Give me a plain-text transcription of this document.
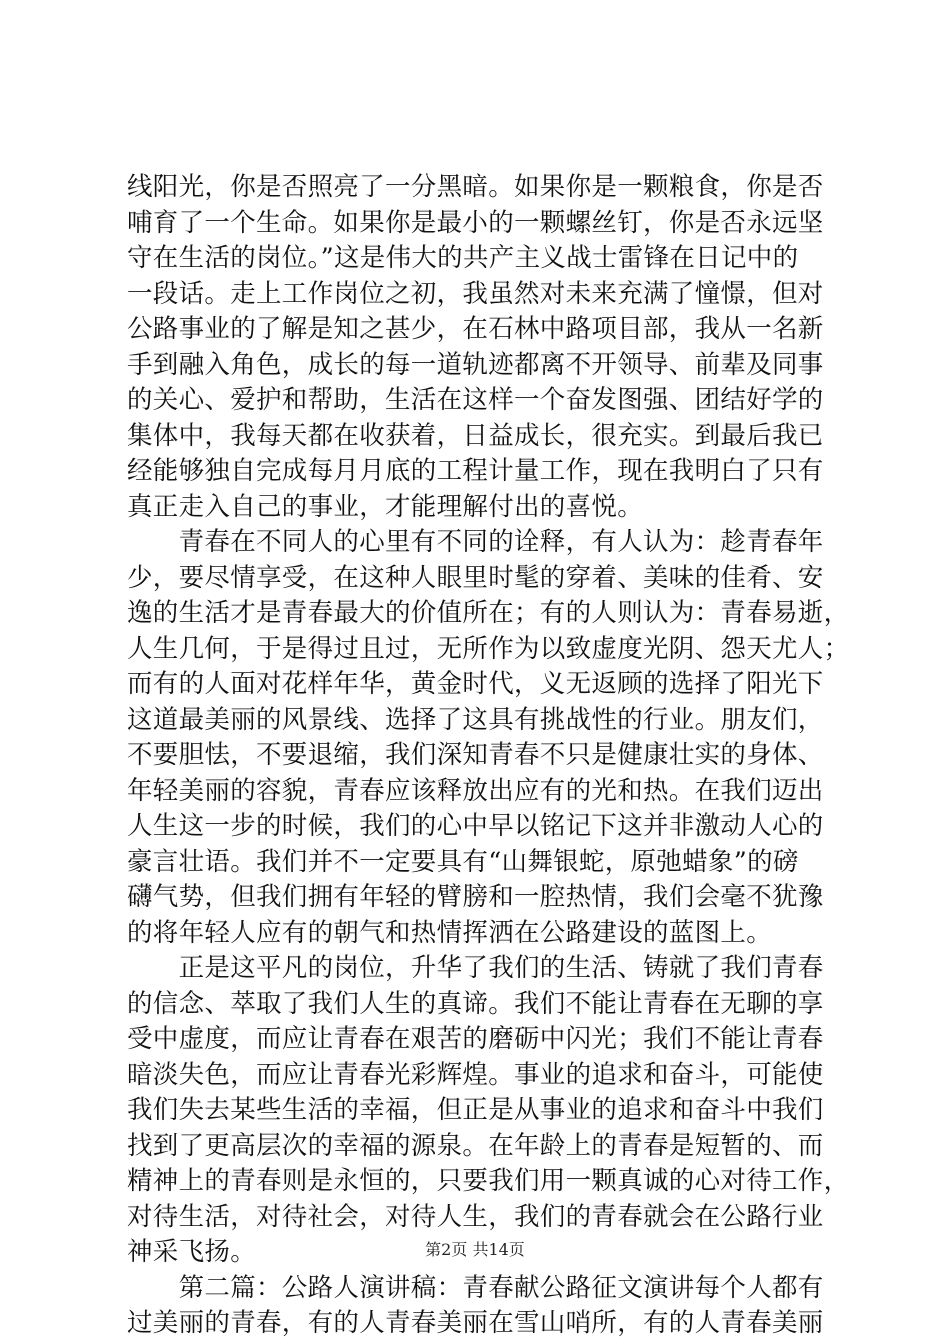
线阳光，你是否照亮了一分黑暗。如果你是一颗粮食，你是否
哺育了一个生命。如果你是最小的一颗螺丝钉，你是否永远坚
守在生活的岗位。”这是伟大的共产主义战士雷锋在日记中的
一段话。走上工作岗位之初，我虽然对未来充满了憧憬，但对
公路事业的了解是知之甚少，在石林中路项目部，我从一名新
手到融入角色，成长的每一道轨迹都离不开领导、前辈及同事
的关心、爱护和帮助，生活在这样一个奋发图强、团结好学的
集体中，我每天都在收获着，日益成长，很充实。到最后我已
经能够独自完成每月月底的工程计量工作，现在我明白了只有
真正走入自己的事业，才能理解付出的喜悦。
　　青春在不同人的心里有不同的诠释，有人认为：趁青春年
少，要尽情享受，在这种人眼里时髦的穿着、美味的佳肴、安
逸的生活才是青春最大的价值所在；有的人则认为：青春易逝，
人生几何，于是得过且过，无所作为以致虚度光阴、怨天尤人；
而有的人面对花样年华，黄金时代，义无返顾的选择了阳光下
这道最美丽的风景线、选择了这具有挑战性的行业。朋友们，
不要胆怯，不要退缩，我们深知青春不只是健康壮实的身体、
年轻美丽的容貌，青春应该释放出应有的光和热。在我们迈出
人生这一步的时候，我们的心中早以铭记下这并非激动人心的
豪言壮语。我们并不一定要具有“山舞银蛇，原弛蜡象”的磅
礴气势，但我们拥有年轻的臂膀和一腔热情，我们会毫不犹豫
的将年轻人应有的朝气和热情挥洒在公路建设的蓝图上。
　　正是这平凡的岗位，升华了我们的生活、铸就了我们青春
的信念、萃取了我们人生的真谛。我们不能让青春在无聊的享
受中虚度，而应让青春在艰苦的磨砺中闪光；我们不能让青春
暗淡失色，而应让青春光彩辉煌。事业的追求和奋斗，可能使
我们失去某些生活的幸福，但正是从事业的追求和奋斗中我们
找到了更高层次的幸福的源泉。在年龄上的青春是短暂的、而
精神上的青春则是永恒的，只要我们用一颗真诚的心对待工作，
对待生活，对待社会，对待人生，我们的青春就会在公路行业
神采飞扬。
　　第二篇：公路人演讲稿：青春献公路征文演讲每个人都有
过美丽的青春，有的人青春美丽在雪山哨所，有的人青春美丽
第2页 共14页
